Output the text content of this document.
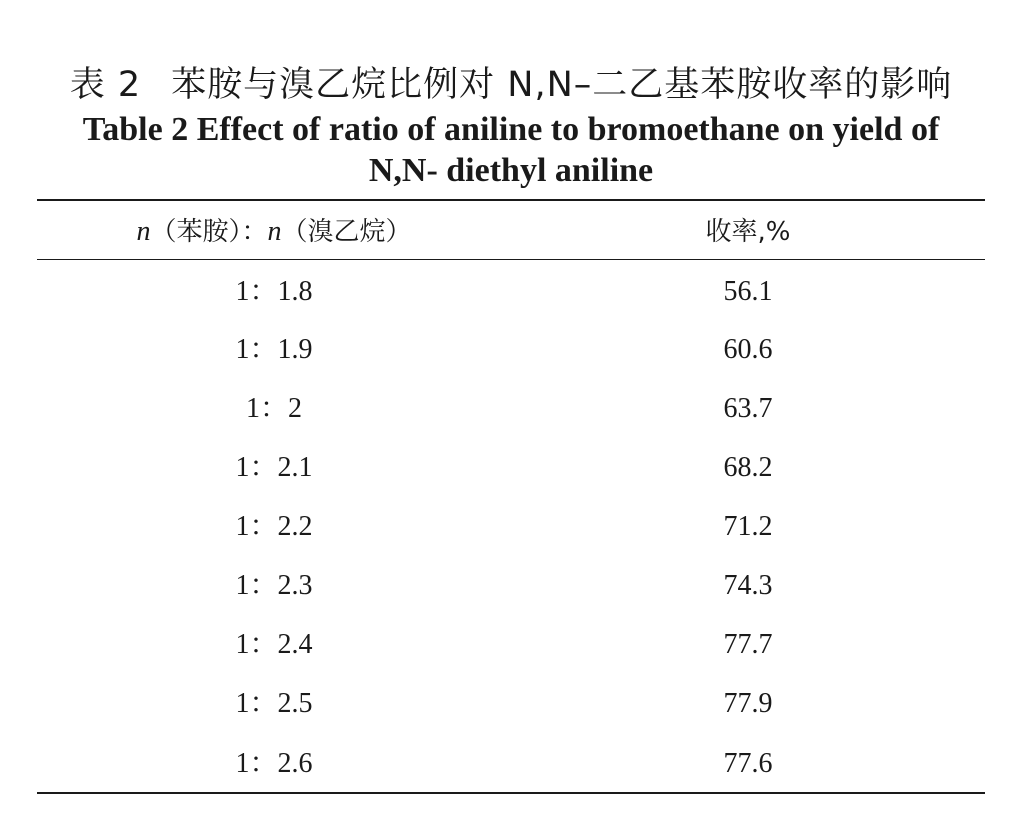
表 2 苯胺与溴乙烷比例对 N,N–二乙基苯胺收率的影响
Table 2 Effect of ratio of aniline to bromoethane on yield of
N,N- diethyl aniline
n（苯胺）：n（溴乙烷）	收率,%
1：1.8	56.1
1：1.9	60.6
1：2	63.7
1：2.1	68.2
1：2.2	71.2
1：2.3	74.3
1：2.4	77.7
1：2.5	77.9
1：2.6	77.6
